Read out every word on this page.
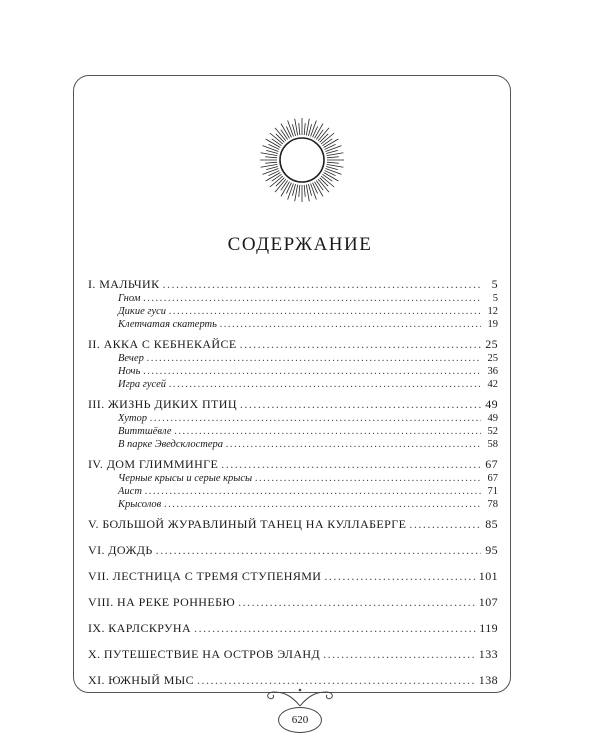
СОДЕРЖАНИЕ
I. МАЛЬЧИК .....	5
Гном .....	5
Дикие гуси .....	12
Клетчатая скатерть .....	19
II. АККА С КЕБНЕКАЙСЕ .....	25
Вечер .....	25
Ночь .....	36
Игра гусей .....	42
III. ЖИЗНЬ ДИКИХ ПТИЦ .....	49
Хутор .....	49
Виттшёвле .....	52
В парке Эведсклостера .....	58
IV. ДОМ ГЛИММИНГЕ .....	67
Черные крысы и серые крысы .....	67
Аист .....	71
Крысолов .....	78
V. БОЛЬШОЙ ЖУРАВЛИНЫЙ ТАНЕЦ НА КУЛЛАБЕРГЕ .....	85
VI. ДОЖДЬ .....	95
VII. ЛЕСТНИЦА С ТРЕМЯ СТУПЕНЯМИ .....	101
VIII. НА РЕКЕ РОННЕБЮ .....	107
IX. КАРЛСКРУНА .....	119
X. ПУТЕШЕСТВИЕ НА ОСТРОВ ЭЛАНД .....	133
XI. ЮЖНЫЙ МЫС .....	138
620
